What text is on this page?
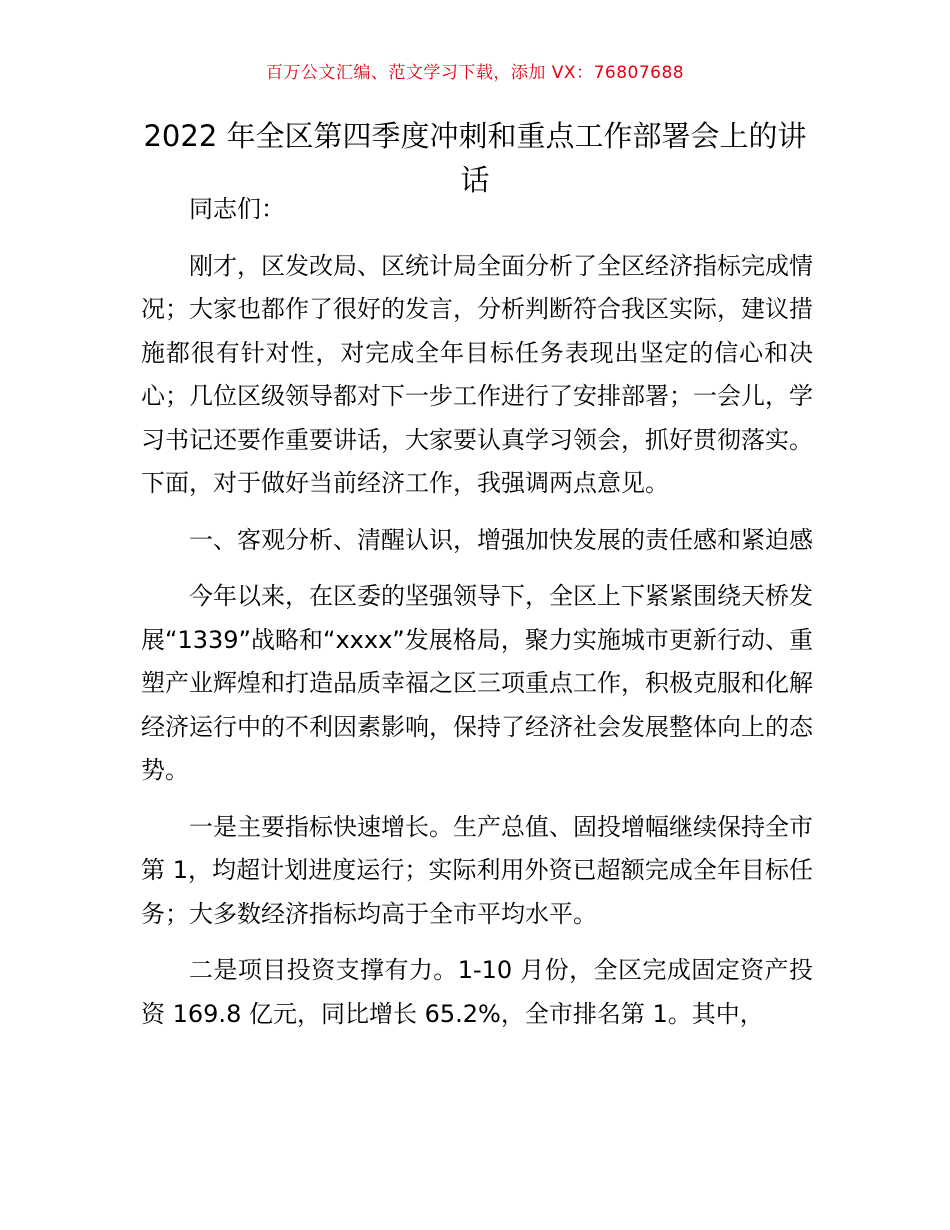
百万公文汇编、范文学习下载，添加 VX：76807688
2022 年全区第四季度冲刺和重点工作部署会上的讲话

同志们：

刚才，区发改局、区统计局全面分析了全区经济指标完成情况；大家也都作了很好的发言，分析判断符合我区实际，建议措施都很有针对性，对完成全年目标任务表现出坚定的信心和决心；几位区级领导都对下一步工作进行了安排部署；一会儿，学习书记还要作重要讲话，大家要认真学习领会，抓好贯彻落实。下面，对于做好当前经济工作，我强调两点意见。

一、客观分析、清醒认识，增强加快发展的责任感和紧迫感

今年以来，在区委的坚强领导下，全区上下紧紧围绕天桥发展“1339”战略和“xxxx”发展格局，聚力实施城市更新行动、重塑产业辉煌和打造品质幸福之区三项重点工作，积极克服和化解经济运行中的不利因素影响，保持了经济社会发展整体向上的态势。

一是主要指标快速增长。生产总值、固投增幅继续保持全市第 1，均超计划进度运行；实际利用外资已超额完成全年目标任务；大多数经济指标均高于全市平均水平。

二是项目投资支撑有力。1-10 月份，全区完成固定资产投资 169.8 亿元，同比增长 65.2%，全市排名第 1。其中，
